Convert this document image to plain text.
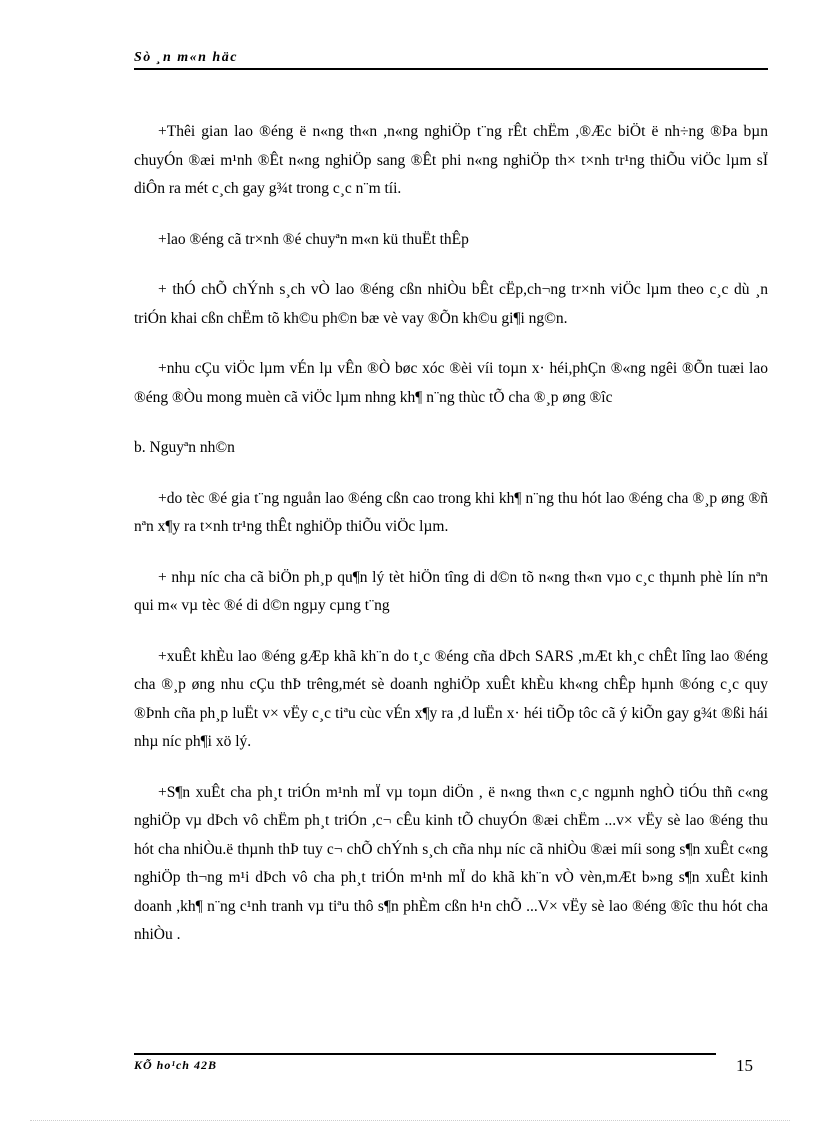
Sò ¸n m«n häc

+Thêi gian lao ®éng ë n«ng th«n ,n«ng nghiÖp t¨ng rÊt chËm ,®Æc biÖt ë nh÷ng ®Þa bµn chuyÓn ®æi m¹nh ®Êt n«ng nghiÖp sang ®Êt phi n«ng nghiÖp th× t×nh tr¹ng thiÕu viÖc lµm sÏ diÔn ra mét c¸ch gay g¾t trong c¸c n¨m tíi.

+lao ®éng cã tr×nh ®é chuyªn m«n kü thuËt thÊp

+ thÓ chÕ chÝnh s¸ch vÒ lao ®éng cßn nhiÒu bÊt cËp,ch¬ng tr×nh viÖc lµm theo c¸c dù ¸n triÓn khai cßn chËm tõ kh©u ph©n bæ vè vay ®Õn kh©u gi¶i ng©n.

+nhu cÇu viÖc lµm vÉn lµ vÊn ®Ò bøc xóc ®èi víi toµn x· héi,phÇn ®«ng ngêi ®Õn tuæi lao ®éng ®Òu mong muèn cã viÖc lµm nhng kh¶ n¨ng thùc tÕ cha ®¸p øng ®îc

b. Nguyªn nh©n

+do tèc ®é gia t¨ng nguån lao ®éng cßn cao trong khi kh¶ n¨ng thu hót lao ®éng cha ®¸p øng ®ñ nªn x¶y ra t×nh tr¹ng thÊt nghiÖp thiÕu viÖc lµm.

+ nhµ níc cha cã biÖn ph¸p qu¶n lý tèt hiÖn tîng di d©n tõ n«ng th«n vµo c¸c thµnh phè lín nªn qui m« vµ tèc ®é di d©n ngµy cµng t¨ng

+xuÊt khÈu lao ®éng gÆp khã kh¨n do t¸c ®éng cña dÞch SARS ,mÆt kh¸c chÊt lîng lao ®éng cha ®¸p øng nhu cÇu thÞ trêng,mét sè doanh nghiÖp xuÊt khÈu kh«ng chÊp hµnh ®óng c¸c quy ®Þnh cña ph¸p luËt v× vËy c¸c tiªu cùc vÉn x¶y ra ,d luËn x· héi tiÕp tôc cã ý kiÕn gay g¾t ®ßi hái nhµ níc ph¶i xö lý.

+S¶n xuÊt cha ph¸t triÓn m¹nh mÏ vµ toµn diÖn , ë n«ng th«n c¸c ngµnh nghÒ tiÓu thñ c«ng nghiÖp vµ dÞch vô chËm ph¸t triÓn ,c¬ cÊu kinh tÕ chuyÓn ®æi chËm ...v× vËy sè lao ®éng thu hót cha nhiÒu.ë thµnh thÞ tuy c¬ chÕ chÝnh s¸ch cña nhµ níc cã nhiÒu ®æi míi song s¶n xuÊt c«ng nghiÖp th¬ng m¹i dÞch vô cha ph¸t triÓn m¹nh mÏ do khã kh¨n vÒ vèn,mÆt b»ng s¶n xuÊt kinh doanh ,kh¶ n¨ng c¹nh tranh vµ tiªu thô s¶n phÈm cßn h¹n chÕ ...V× vËy sè lao ®éng ®îc thu hót cha nhiÒu .

KÕ ho¹ch 42B	15
